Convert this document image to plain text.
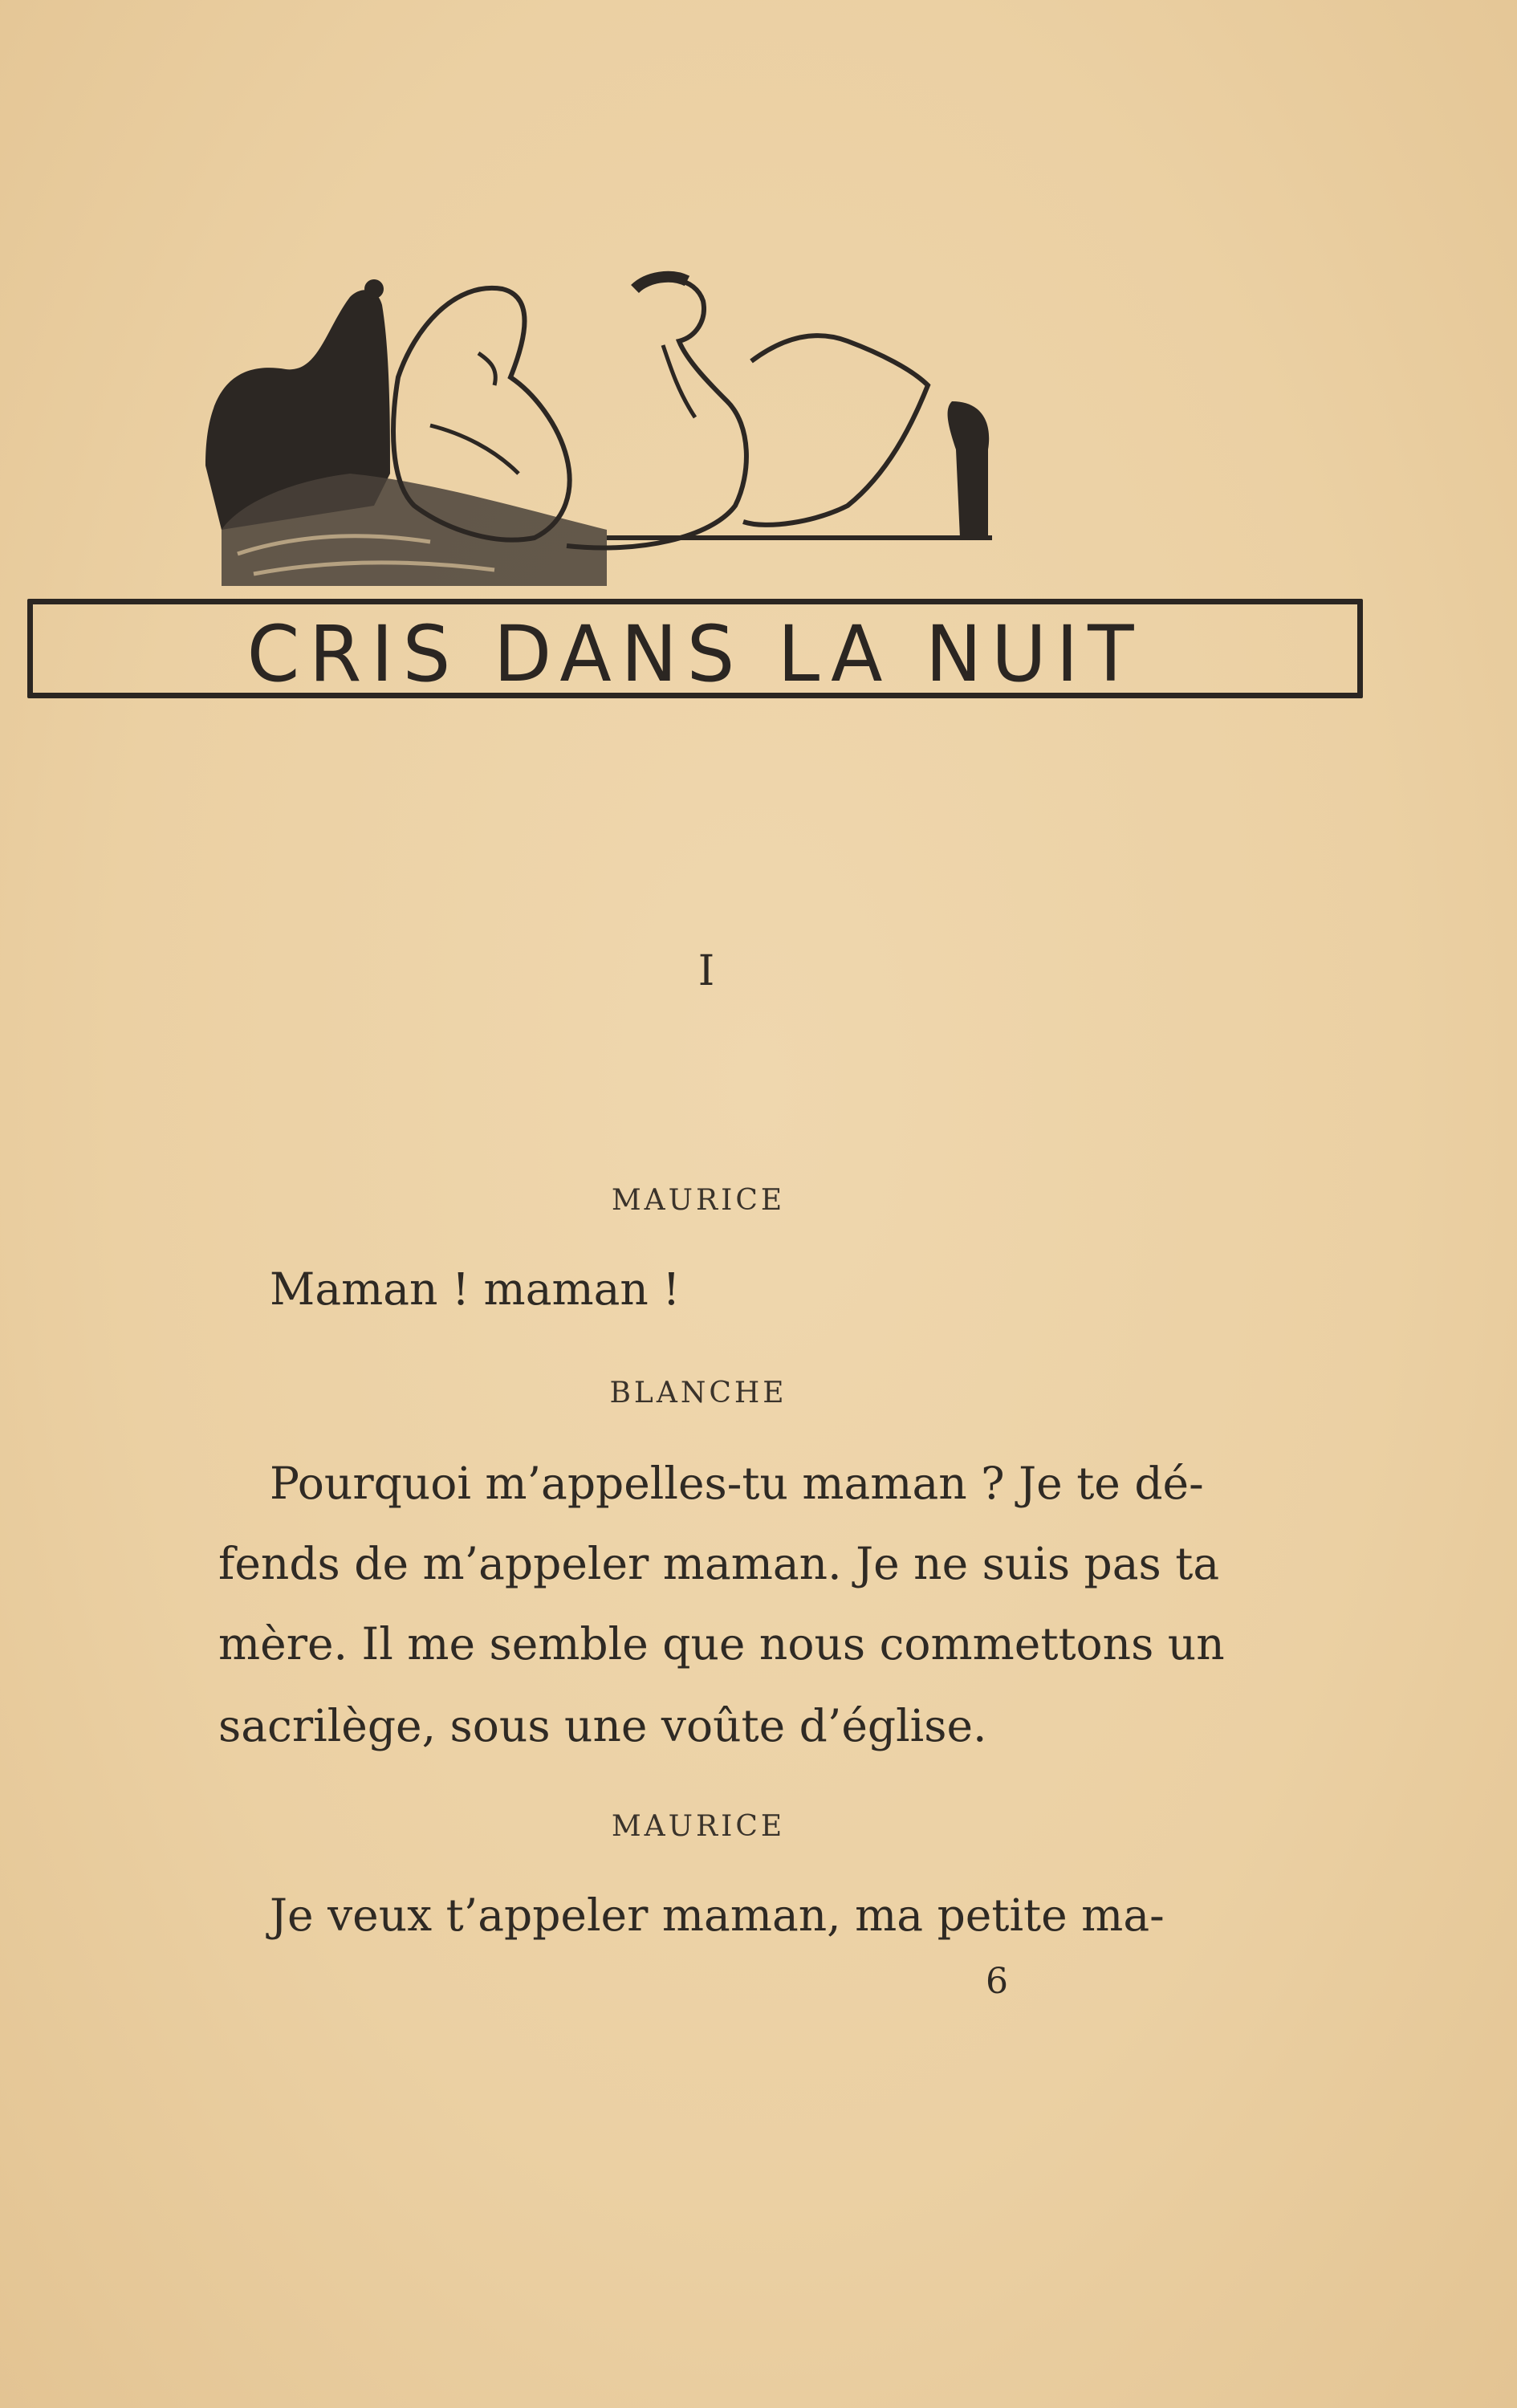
CRIS DANS LA NUIT
I
MAURICE
Maman ! maman !
BLANCHE
Pourquoi m’appelles-tu maman ? Je te dé-
fends de m’appeler maman. Je ne suis pas ta
mère. Il me semble que nous commettons un
sacrilège, sous une voûte d’église.
MAURICE
Je veux t’appeler maman, ma petite ma-
6
